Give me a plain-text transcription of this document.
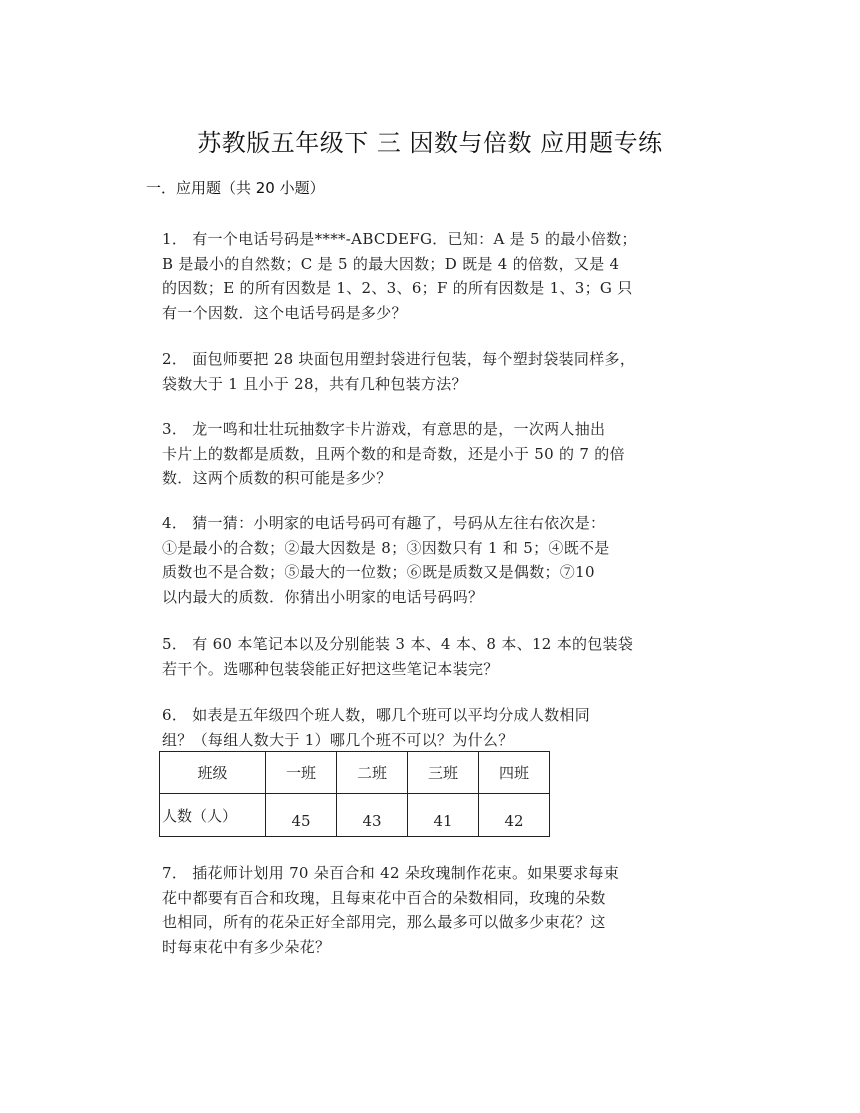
苏教版五年级下 三 因数与倍数 应用题专练
一．应用题（共 20 小题）
1． 有一个电话号码是****-ABCDEFG．已知：A 是 5 的最小倍数；
B 是最小的自然数；C 是 5 的最大因数；D 既是 4 的倍数，又是 4
的因数；E 的所有因数是 1、2、3、6；F 的所有因数是 1、3；G 只
有一个因数．这个电话号码是多少？
2． 面包师要把 28 块面包用塑封袋进行包装，每个塑封袋装同样多，
袋数大于 1 且小于 28，共有几种包装方法？
3． 龙一鸣和壮壮玩抽数字卡片游戏，有意思的是，一次两人抽出
卡片上的数都是质数，且两个数的和是奇数，还是小于 50 的 7 的倍
数．这两个质数的积可能是多少？
4． 猜一猜：小明家的电话号码可有趣了，号码从左往右依次是：
①是最小的合数；②最大因数是 8；③因数只有 1 和 5；④既不是
质数也不是合数；⑤最大的一位数；⑥既是质数又是偶数；⑦10
以内最大的质数．你猜出小明家的电话号码吗？
5． 有 60 本笔记本以及分别能装 3 本、4 本、8 本、12 本的包装袋
若干个。选哪种包装袋能正好把这些笔记本装完？
6． 如表是五年级四个班人数，哪几个班可以平均分成人数相同
组？（每组人数大于 1）哪几个班不可以？为什么？
班级	一班	二班	三班	四班
人数（人）	45	43	41	42
7． 插花师计划用 70 朵百合和 42 朵玫瑰制作花束。如果要求每束
花中都要有百合和玫瑰，且每束花中百合的朵数相同，玫瑰的朵数
也相同，所有的花朵正好全部用完，那么最多可以做多少束花？这
时每束花中有多少朵花？
